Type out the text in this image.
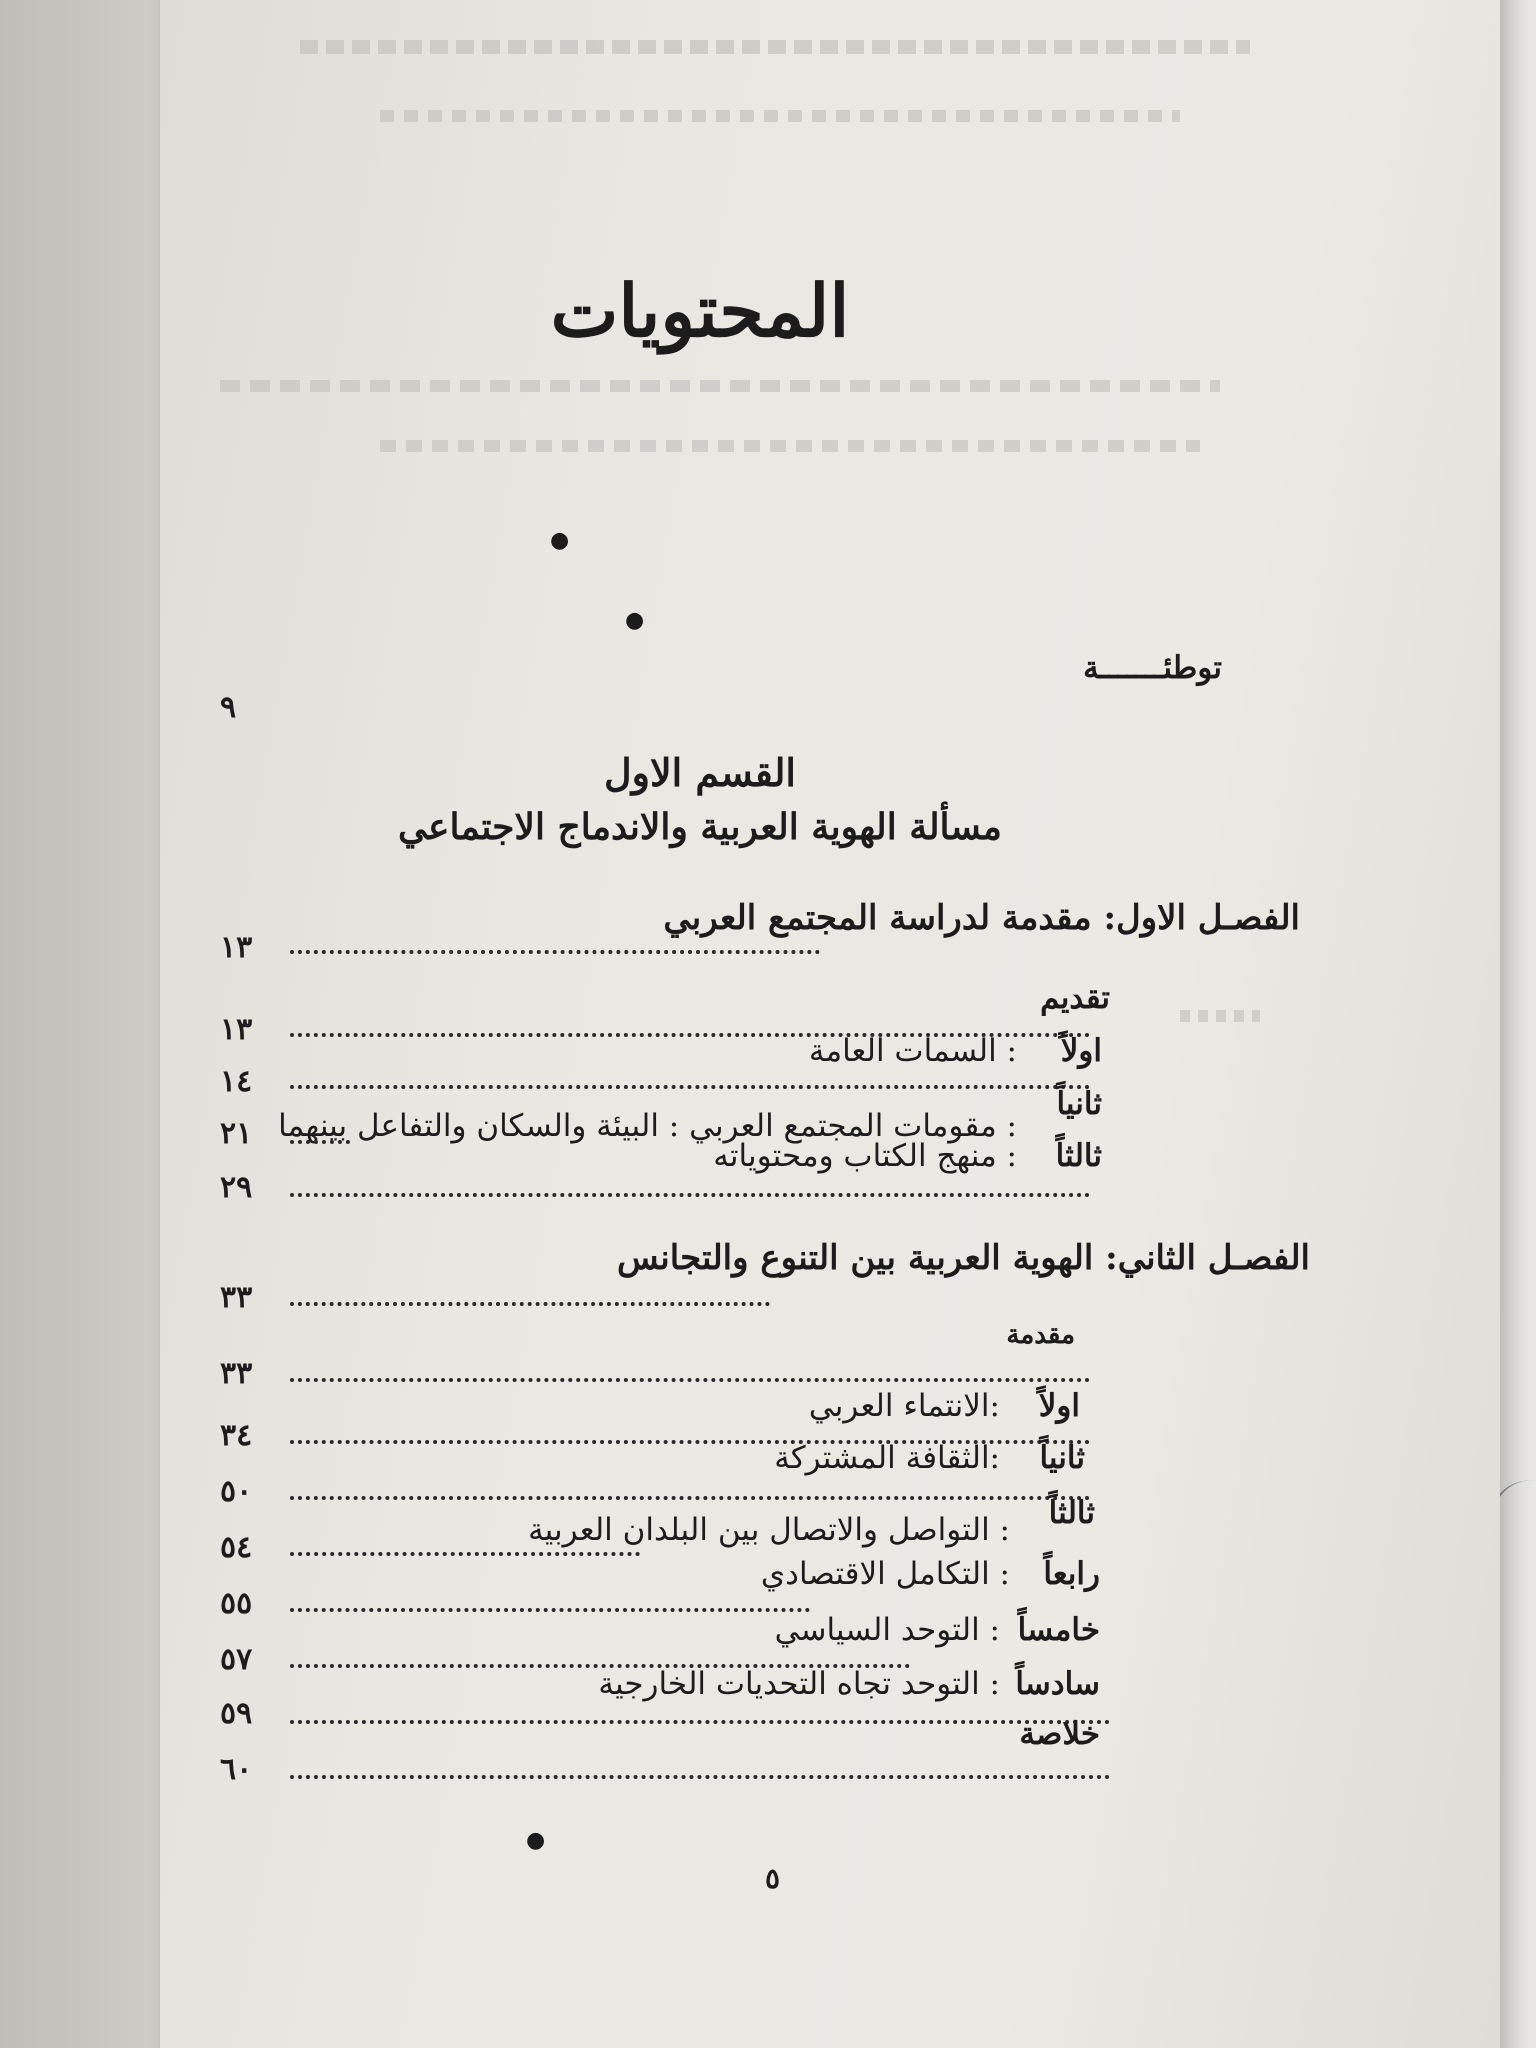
المحتويات
●
●
توطئـــــــة
٩
القسم الاول
مسألة الهوية العربية والاندماج الاجتماعي
الفصـل الاول: مقدمة لدراسة المجتمع العربي
١٣
تقديم
١٣
اولاً
: السمات العامة
١٤
ثانياً
: مقومات المجتمع العربي : البيئة والسكان والتفاعل بينهما
٢١
ثالثاً
: منهج الكتاب ومحتوياته
٢٩
الفصـل الثاني: الهوية العربية بين التنوع والتجانس
٣٣
مقدمة
٣٣
اولاً
:الانتماء العربي
٣٤
ثانياً
:الثقافة المشتركة
٥٠
ثالثاً
: التواصل والاتصال بين البلدان العربية
٥٤
رابعاً
: التكامل الاقتصادي
٥٥
خامساً
: التوحد السياسي
٥٧
سادساً
: التوحد تجاه التحديات الخارجية
٥٩
خلاصة
٦٠
●
٥
